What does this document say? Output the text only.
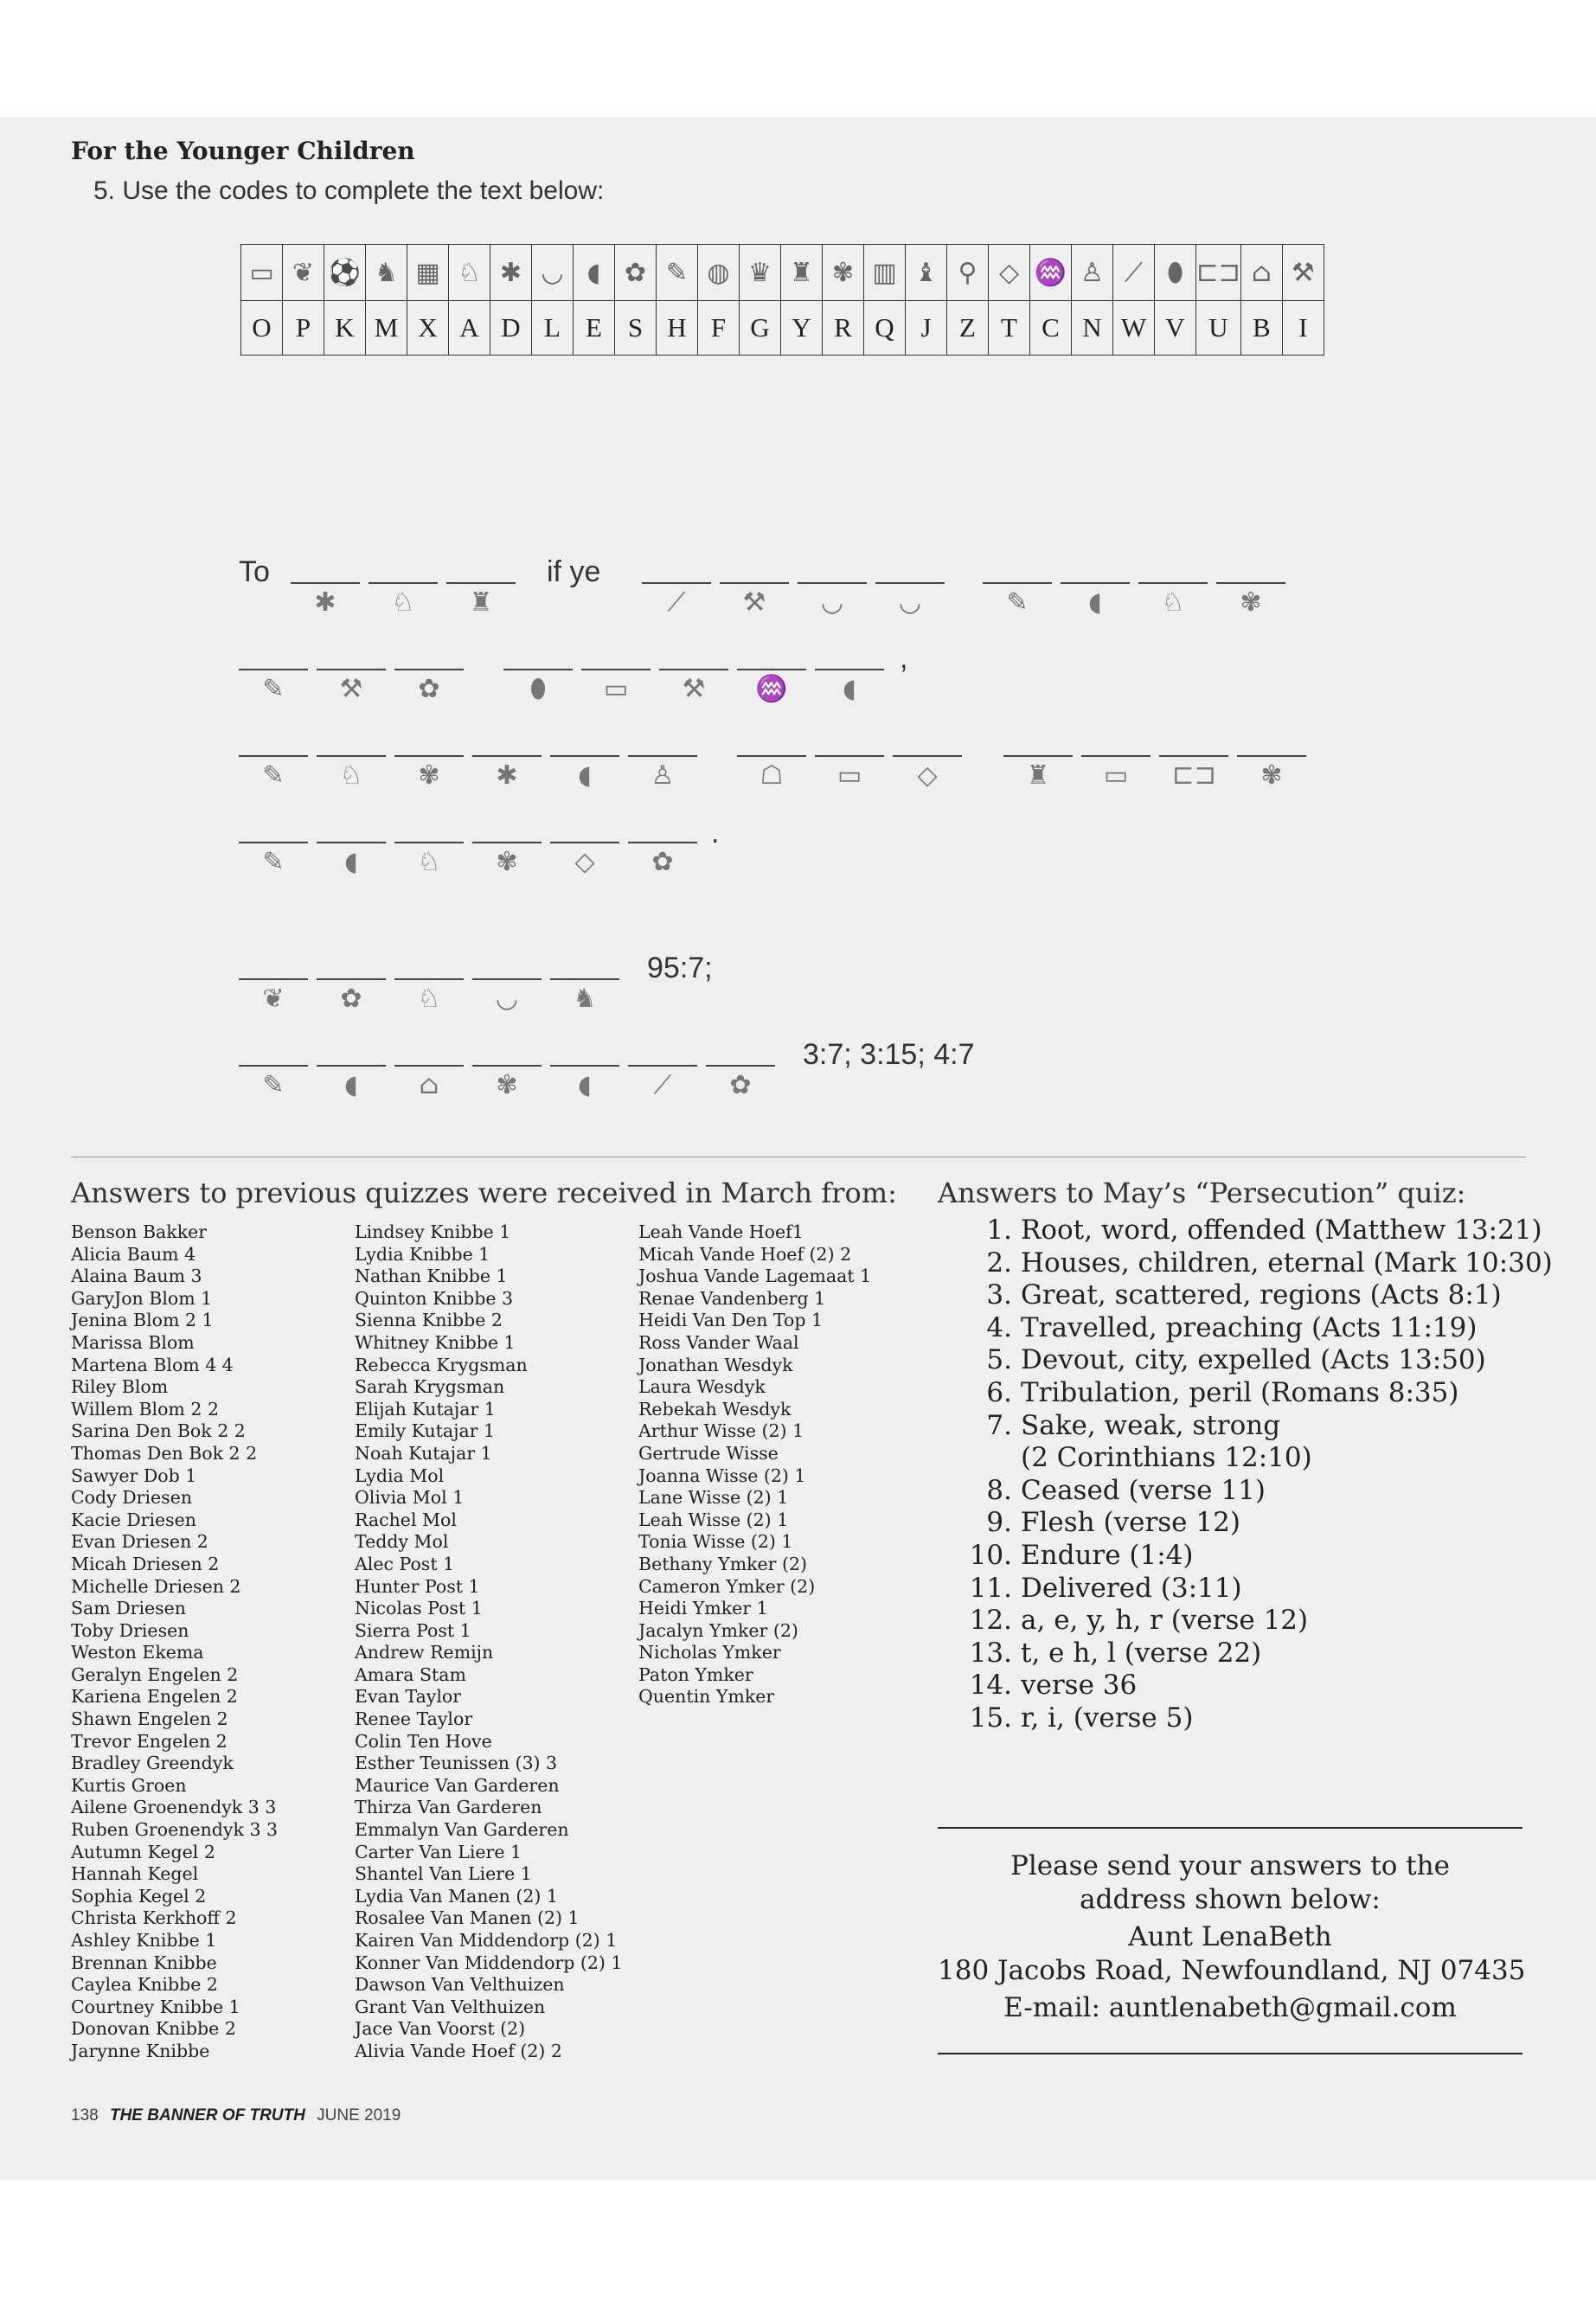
For the Younger Children
5. Use the codes to complete the text below:
▭	❦	⚽	♞	▦	♘	✱	◡	◖	✿	✎	◍	♛	♜	✾	▥	♝	⚲	◇	♒	♙	⟋	⬮	⊏⊐	⌂	⚒
O	P	K	M	X	A	D	L	E	S	H	F	G	Y	R	Q	J	Z	T	C	N	W	V	U	B	I
To	if ye
,
.
95:7;
3:7; 3:15; 4:7
✱	♘	♜	⟋	⚒	◡	◡	✎	◖	♘	✾
✎	⚒	✿	⬮	▭	⚒	♒	◖
✎	♘	✾	✱	◖	♙	☖	▭	◇	♜	▭	⊏⊐	✾
✎	◖	♘	✾	◇	✿
❦	✿	♘	◡	♞
✎	◖	⌂	✾	◖	⟋	✿
Answers to previous quizzes were received in March from:
Benson Bakker
Alicia Baum 4
Alaina Baum 3
GaryJon Blom 1
Jenina Blom 2 1
Marissa Blom
Martena Blom 4 4
Riley Blom
Willem Blom 2 2
Sarina Den Bok 2 2
Thomas Den Bok 2 2
Sawyer Dob 1
Cody Driesen
Kacie Driesen
Evan Driesen 2
Micah Driesen 2
Michelle Driesen 2
Sam Driesen
Toby Driesen
Weston Ekema
Geralyn Engelen 2
Kariena Engelen 2
Shawn Engelen 2
Trevor Engelen 2
Bradley Greendyk
Kurtis Groen
Ailene Groenendyk 3 3
Ruben Groenendyk 3 3
Autumn Kegel 2
Hannah Kegel
Sophia Kegel 2
Christa Kerkhoff 2
Ashley Knibbe 1
Brennan Knibbe
Caylea Knibbe 2
Courtney Knibbe 1
Donovan Knibbe 2
Jarynne Knibbe
Lindsey Knibbe 1
Lydia Knibbe 1
Nathan Knibbe 1
Quinton Knibbe 3
Sienna Knibbe 2
Whitney Knibbe 1
Rebecca Krygsman
Sarah Krygsman
Elijah Kutajar 1
Emily Kutajar 1
Noah Kutajar 1
Lydia Mol
Olivia Mol 1
Rachel Mol
Teddy Mol
Alec Post 1
Hunter Post 1
Nicolas Post 1
Sierra Post 1
Andrew Remijn
Amara Stam
Evan Taylor
Renee Taylor
Colin Ten Hove
Esther Teunissen (3) 3
Maurice Van Garderen
Thirza Van Garderen
Emmalyn Van Garderen
Carter Van Liere 1
Shantel Van Liere 1
Lydia Van Manen (2) 1
Rosalee Van Manen (2) 1
Kairen Van Middendorp (2) 1
Konner Van Middendorp (2) 1
Dawson Van Velthuizen
Grant Van Velthuizen
Jace Van Voorst (2)
Alivia Vande Hoef (2) 2
Leah Vande Hoef1
Micah Vande Hoef (2) 2
Joshua Vande Lagemaat 1
Renae Vandenberg 1
Heidi Van Den Top 1
Ross Vander Waal
Jonathan Wesdyk
Laura Wesdyk
Rebekah Wesdyk
Arthur Wisse (2) 1
Gertrude Wisse
Joanna Wisse (2) 1
Lane Wisse (2) 1
Leah Wisse (2) 1
Tonia Wisse (2) 1
Bethany Ymker (2)
Cameron Ymker (2)
Heidi Ymker 1
Jacalyn Ymker (2)
Nicholas Ymker
Paton Ymker
Quentin Ymker
Answers to May’s “Persecution” quiz:
1. Root, word, offended (Matthew 13:21)
2. Houses, children, eternal (Mark 10:30)
3. Great, scattered, regions (Acts 8:1)
4. Travelled, preaching (Acts 11:19)
5. Devout, city, expelled (Acts 13:50)
6. Tribulation, peril (Romans 8:35)
7. Sake, weak, strong
(2 Corinthians 12:10)
8. Ceased (verse 11)
9. Flesh (verse 12)
10. Endure (1:4)
11. Delivered (3:11)
12. a, e, y, h, r (verse 12)
13. t, e h, l (verse 22)
14. verse 36
15. r, i, (verse 5)
Please send your answers to the
address shown below:
Aunt LenaBeth
180 Jacobs Road, Newfoundland, NJ 07435
E-mail: auntlenabeth@gmail.com
138 THE BANNER OF TRUTH JUNE 2019
